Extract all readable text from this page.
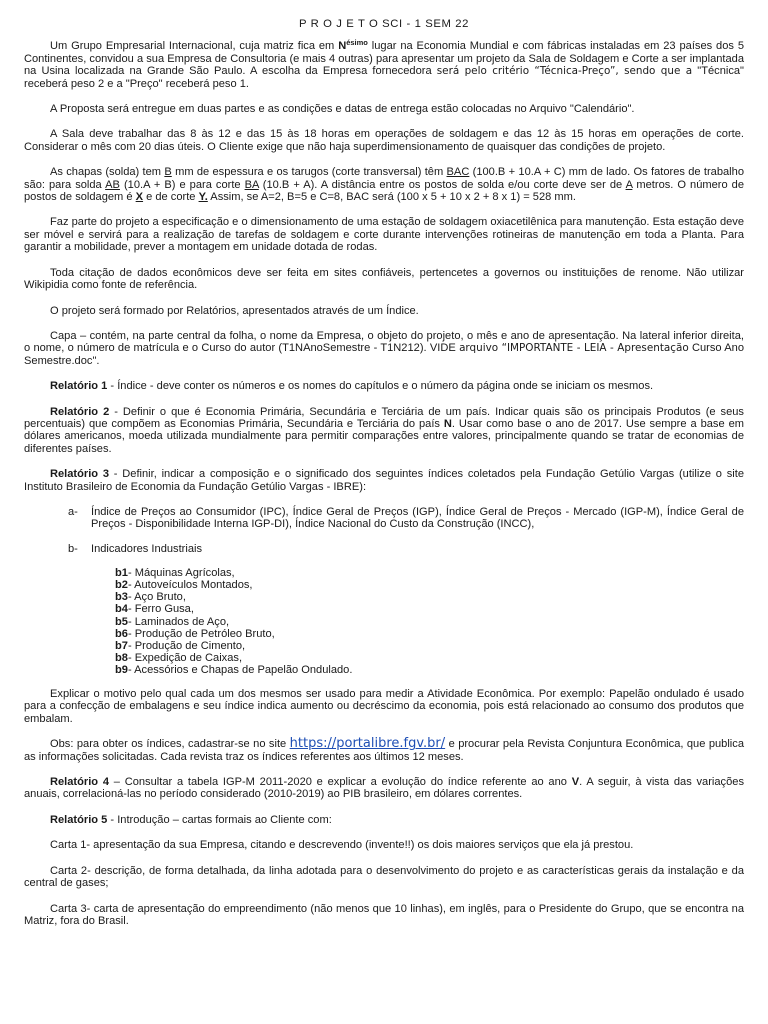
P R O J E T O SCI - 1 SEM 22

Um Grupo Empresarial Internacional, cuja matriz fica em $N^{ésimo}$ lugar na Economia Mundial e com fábricas instaladas em 23 países dos 5 Continentes, convidou a sua Empresa de Consultoria (e mais 4 outras) para apresentar um projeto da Sala de Soldagem e Corte a ser implantada na Usina localizada na Grande São Paulo. A escolha da Empresa fornecedora será pelo critério “Técnica-Preço”, sendo que a "Técnica" receberá peso 2 e a "Preço" receberá peso 1.

A Proposta será entregue em duas partes e as condições e datas de entrega estão colocadas no Arquivo "Calendário".

A Sala deve trabalhar das 8 às 12 e das 15 às 18 horas em operações de soldagem e das 12 às 15 horas em operações de corte. Considerar o mês com 20 dias úteis. O Cliente exige que não haja superdimensionamento de quaisquer das condições de projeto.

As chapas (solda) tem B mm de espessura e os tarugos (corte transversal) têm BAC (100.B + 10.A + C) mm de lado. Os fatores de trabalho são: para solda AB (10.A + B) e para corte BA (10.B + A). A distância entre os postos de solda e/ou corte deve ser de A metros. O número de postos de soldagem é X e de corte Y. Assim, se A=2, B=5 e C=8, BAC será (100 x 5 + 10 x 2 + 8 x 1) = 528 mm.

Faz parte do projeto a especificação e o dimensionamento de uma estação de soldagem oxiacetilênica para manutenção. Esta estação deve ser móvel e servirá para a realização de tarefas de soldagem e corte durante intervenções rotineiras de manutenção em toda a Planta. Para garantir a mobilidade, prever a montagem em unidade dotada de rodas.

Toda citação de dados econômicos deve ser feita em sites confiáveis, pertencetes a governos ou instituições de renome. Não utilizar Wikipidia como fonte de referência.

O projeto será formado por Relatórios, apresentados através de um Índice.

Capa – contém, na parte central da folha, o nome da Empresa, o objeto do projeto, o mês e ano de apresentação. Na lateral inferior direita, o nome, o número de matrícula e o Curso do autor (T1NAnoSemestre - T1N212). VIDE arquivo “IMPORTANTE - LEIA - Apresentação Curso Ano Semestre.doc".

Relatório 1 - Índice - deve conter os números e os nomes do capítulos e o número da página onde se iniciam os mesmos.

Relatório 2 - Definir o que é Economia Primária, Secundária e Terciária de um país. Indicar quais são os principais Produtos (e seus percentuais) que compõem as Economias Primária, Secundária e Terciária do país N. Usar como base o ano de 2017. Use sempre a base em dólares americanos, moeda utilizada mundialmente para permitir comparações entre valores, principalmente quando se tratar de economias de diferentes países.

Relatório 3 - Definir, indicar a composição e o significado dos seguintes índices coletados pela Fundação Getúlio Vargas (utilize o site Instituto Brasileiro de Economia da Fundação Getúlio Vargas - IBRE):

a-	Índice de Preços ao Consumidor (IPC), Índice Geral de Preços (IGP), Índice Geral de Preços - Mercado (IGP-M), Índice Geral de Preços - Disponibilidade Interna IGP-DI), Índice Nacional do Custo da Construção (INCC),
b-	Indicadores Industriais
b1- Máquinas Agrícolas,
b2- Autoveículos Montados,
b3- Aço Bruto,
b4- Ferro Gusa,
b5- Laminados de Aço,
b6- Produção de Petróleo Bruto,
b7- Produção de Cimento,
b8- Expedição de Caixas,
b9- Acessórios e Chapas de Papelão Ondulado.

Explicar o motivo pelo qual cada um dos mesmos ser usado para medir a Atividade Econômica. Por exemplo: Papelão ondulado é usado para a confecção de embalagens e seu índice indica aumento ou decréscimo da economia, pois está relacionado ao consumo dos produtos que embalam.

Obs: para obter os índices, cadastrar-se no site https://portalibre.fgv.br/ e procurar pela Revista Conjuntura Econômica, que publica as informações solicitadas. Cada revista traz os índices referentes aos últimos 12 meses.

Relatório 4 – Consultar a tabela IGP-M 2011-2020 e explicar a evolução do índice referente ao ano V. A seguir, à vista das variações anuais, correlacioná-las no período considerado (2010-2019) ao PIB brasileiro, em dólares correntes.

Relatório 5 - Introdução – cartas formais ao Cliente com:

Carta 1- apresentação da sua Empresa, citando e descrevendo (invente!!) os dois maiores serviços que ela já prestou.

Carta 2- descrição, de forma detalhada, da linha adotada para o desenvolvimento do projeto e as características gerais da instalação e da central de gases;

Carta 3- carta de apresentação do empreendimento (não menos que 10 linhas), em inglês, para o Presidente do Grupo, que se encontra na Matriz, fora do Brasil.
